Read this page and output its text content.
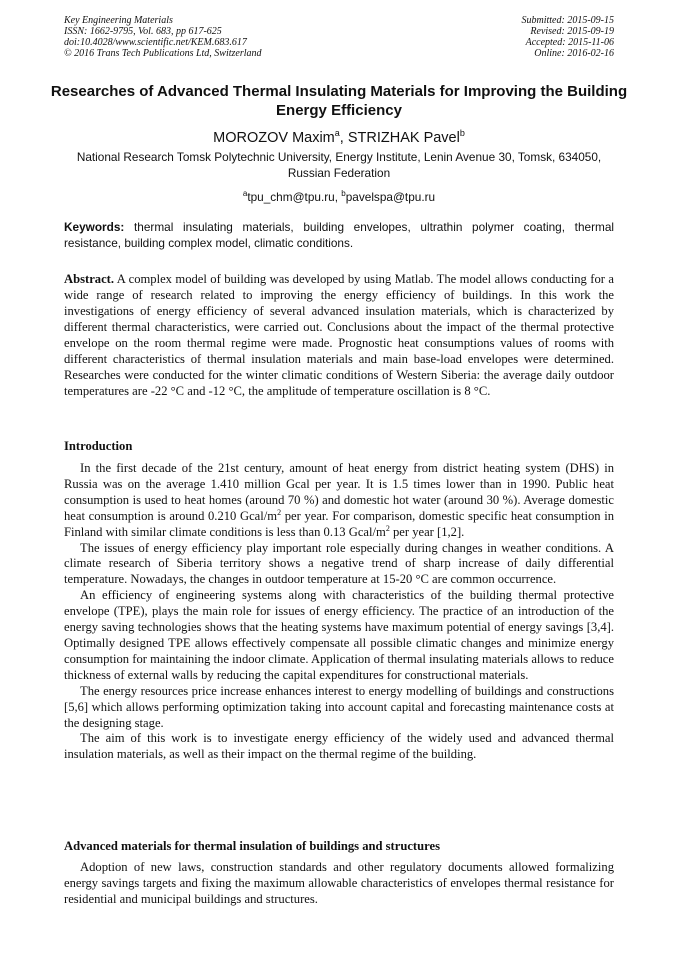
Key Engineering Materials
ISSN: 1662-9795, Vol. 683, pp 617-625
doi:10.4028/www.scientific.net/KEM.683.617
© 2016 Trans Tech Publications Ltd, Switzerland
Submitted: 2015-09-15
Revised: 2015-09-19
Accepted: 2015-11-06
Online: 2016-02-16
Researches of Advanced Thermal Insulating Materials for Improving the Building Energy Efficiency
MOROZOV Maxim$^a$, STRIZHAK Pavel$^b$
National Research Tomsk Polytechnic University, Energy Institute, Lenin Avenue 30, Tomsk, 634050, Russian Federation
$^a$tpu_chm@tpu.ru, $^b$pavelspa@tpu.ru
Keywords: thermal insulating materials, building envelopes, ultrathin polymer coating, thermal resistance, building complex model, climatic conditions.
Abstract. A complex model of building was developed by using Matlab. The model allows conducting for a wide range of research related to improving the energy efficiency of buildings. In this work the investigations of energy efficiency of several advanced insulation materials, which is characterized by different thermal characteristics, were carried out. Conclusions about the impact of the thermal protective envelope on the room thermal regime were made. Prognostic heat consumptions values of rooms with different characteristics of thermal insulation materials and main base-load envelopes were determined. Researches were conducted for the winter climatic conditions of Western Siberia: the average daily outdoor temperatures are -22 °C and -12 °C, the amplitude of temperature oscillation is 8 °C.
Introduction

In the first decade of the 21st century, amount of heat energy from district heating system (DHS) in Russia was on the average 1.410 million Gcal per year. It is 1.5 times lower than in 1990. Public heat consumption is used to heat homes (around 70 %) and domestic hot water (around 30 %). Average domestic heat consumption is around 0.210 Gcal/$m^2$ per year. For comparison, domestic specific heat consumption in Finland with similar climate conditions is less than 0.13 Gcal/$m^2$ per year [1,2].

The issues of energy efficiency play important role especially during changes in weather conditions. A climate research of Siberia territory shows a negative trend of sharp increase of daily differential temperature. Nowadays, the changes in outdoor temperature at 15-20 °C are common occurrence.

An efficiency of engineering systems along with characteristics of the building thermal protective envelope (TPE), plays the main role for issues of energy efficiency. The practice of an introduction of the energy saving technologies shows that the heating systems have maximum potential of energy savings [3,4]. Optimally designed TPE allows effectively compensate all possible climatic changes and minimize energy consumption for maintaining the indoor climate. Application of thermal insulating materials allows to reduce thickness of external walls by reducing the capital expenditures for constructional materials.

The energy resources price increase enhances interest to energy modelling of buildings and constructions [5,6] which allows performing optimization taking into account capital and forecasting maintenance costs at the designing stage.

The aim of this work is to investigate energy efficiency of the widely used and advanced thermal insulation materials, as well as their impact on the thermal regime of the building.

Advanced materials for thermal insulation of buildings and structures

Adoption of new laws, construction standards and other regulatory documents allowed formalizing energy savings targets and fixing the maximum allowable characteristics of envelopes thermal resistance for residential and municipal buildings and structures.
